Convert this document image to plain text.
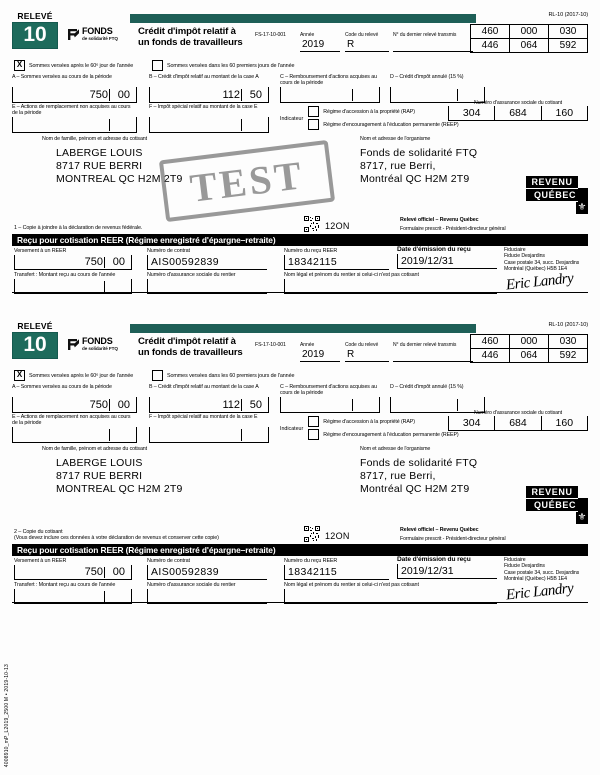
RELEVÉ
10	FONDS
de solidarité FTQ
Crédit d'impôt relatif à
un fonds de travailleurs
FS-17-10-001	Année
2019
Code du relevé
R
N° du dernier relevé transmis
RL-10 (2017-10)
460	000	030
446	064	592
X	Sommes versées après le 60ᵉ jour de l'année	Sommes versées dans les 60 premiers jours de l'année
A – Sommes versées au cours de la période
750 00
B – Crédit d'impôt relatif au montant de la case A
112 50
C – Remboursement d'actions acquises au cours de la période
D – Crédit d'impôt annulé (15 %)
E – Actions de remplacement non acquises au cours de la période
F – Impôt spécial relatif au montant de la case E
Indicateur
Régime d'accession à la propriété (RAP)
Régime d'encouragement à l'éducation permanente (REEP)
Numéro d'assurance sociale du cotisant
304	684	160
Nom de famille, prénom et adresse du cotisant
LABERGE LOUIS
8717 RUE BERRI
MONTREAL QC H2M 2T9
Nom et adresse de l'organisme
Fonds de solidarité FTQ
8717, rue Berri,
Montréal QC H2M 2T9
TEST	REVENU
QUÉBEC
⚜
1 – Copie à joindre à la déclaration de revenus fédérale.	12ON
Relevé officiel – Revenu Québec
Formulaire prescrit - Président-directeur général
Reçu pour cotisation REER (Régime enregistré d'épargne–retraite)
Versement à un REER
750 00
Numéro de contrat
AIS00592839
Numéro du reçu REER
18342115
Date d'émission du reçu
2019/12/31
Transfert : Montant reçu au cours de l'année	Numéro d'assurance sociale du rentier	Nom légal et prénom du rentier si celui-ci n'est pas cotisant
Fiduciaire
Fiducie Desjardins
Case postale 34, succ. Desjardins
Montréal (Québec) H5B 1E4
Eric Landry
RELEVÉ
10	FONDS
de solidarité FTQ
Crédit d'impôt relatif à
un fonds de travailleurs
FS-17-10-001	Année
2019
Code du relevé
R
N° du dernier relevé transmis
RL-10 (2017-10)
460	000	030
446	064	592
X	Sommes versées après le 60ᵉ jour de l'année	Sommes versées dans les 60 premiers jours de l'année
A – Sommes versées au cours de la période
750 00
B – Crédit d'impôt relatif au montant de la case A
112 50
C – Remboursement d'actions acquises au cours de la période
D – Crédit d'impôt annulé (15 %)
E – Actions de remplacement non acquises au cours de la période
F – Impôt spécial relatif au montant de la case E
Indicateur
Régime d'accession à la propriété (RAP)
Régime d'encouragement à l'éducation permanente (REEP)
Numéro d'assurance sociale du cotisant
304	684	160
Nom de famille, prénom et adresse du cotisant
LABERGE LOUIS
8717 RUE BERRI
MONTREAL QC H2M 2T9
Nom et adresse de l'organisme
Fonds de solidarité FTQ
8717, rue Berri,
Montréal QC H2M 2T9	REVENU
QUÉBEC
⚜
2 – Copie du cotisant
(Vous devez inclure ces données à votre déclaration de revenus et conserver cette copie)	12ON
Relevé officiel – Revenu Québec
Formulaire prescrit - Président-directeur général
Reçu pour cotisation REER (Régime enregistré d'épargne–retraite)
Versement à un REER
750 00
Numéro de contrat
AIS00592839
Numéro du reçu REER
18342115
Date d'émission du reçu
2019/12/31
Transfert : Montant reçu au cours de l'année	Numéro d'assurance sociale du rentier	Nom légal et prénom du rentier si celui-ci n'est pas cotisant
Fiduciaire
Fiducie Desjardins
Case postale 34, succ. Desjardins
Montréal (Québec) H5B 1E4
Eric Landry
4008910_mP_L2019_2500 M • 2019-10-13
